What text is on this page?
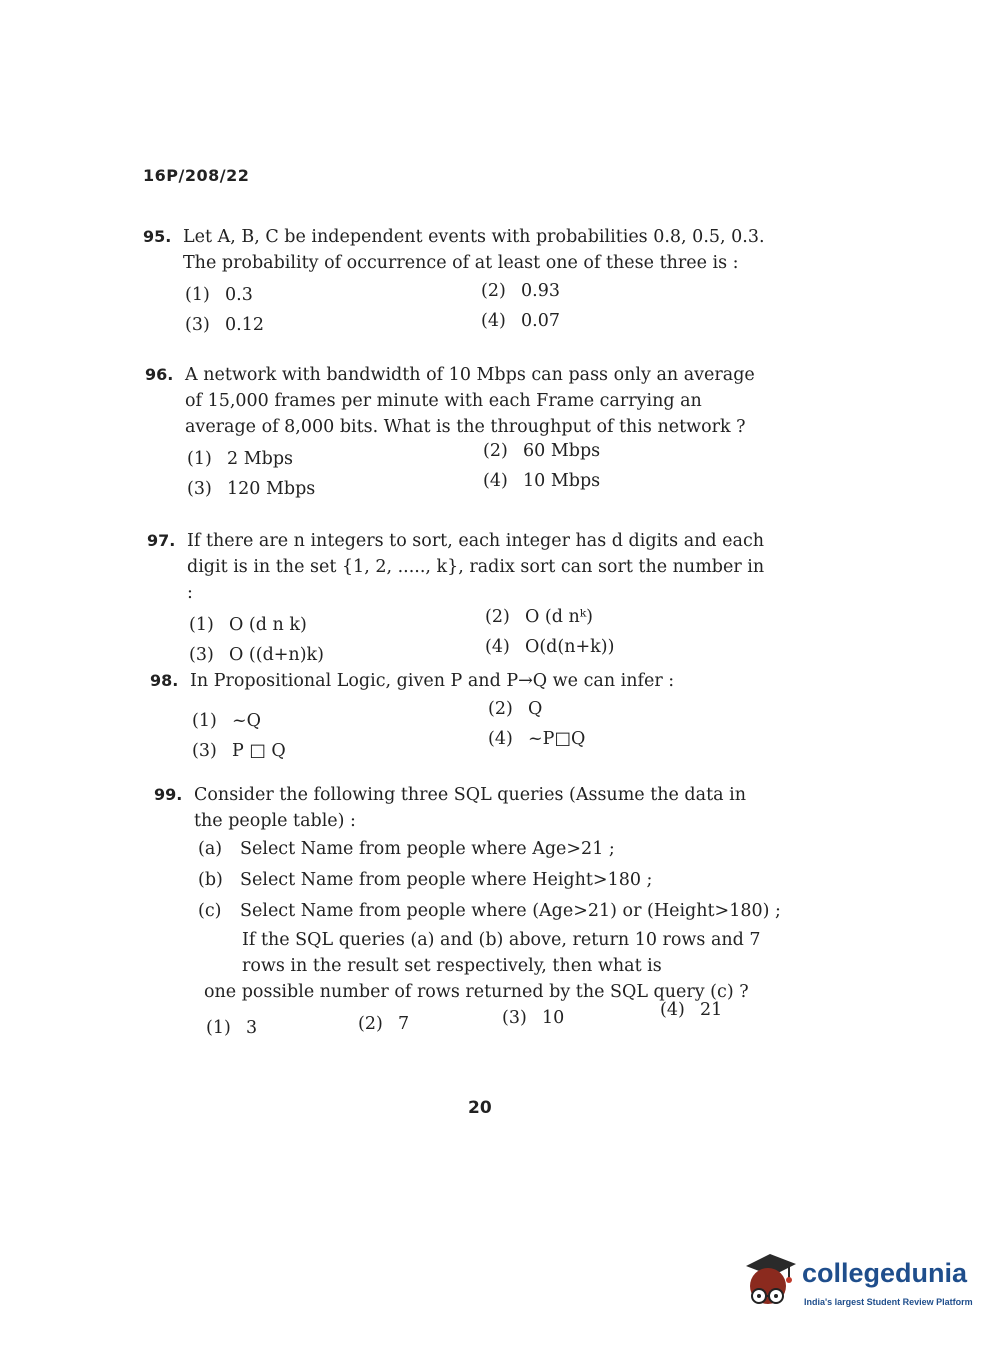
16P/208/22
95. Let A, B, C be independent events with probabilities 0.8, 0.5, 0.3. The probability of occurrence of at least one of these three is :
(1) 0.3	(2) 0.93
(3) 0.12	(4) 0.07
96. A network with bandwidth of 10 Mbps can pass only an average of 15,000 frames per minute with each Frame carrying an average of 8,000 bits. What is the throughput of this network ?
(1) 2 Mbps	(2) 60 Mbps
(3) 120 Mbps	(4) 10 Mbps
97. If there are n integers to sort, each integer has d digits and each digit is in the set {1, 2, ....., k}, radix sort can sort the number in :
(1) O (d n k)	(2) O (d nᵏ)
(3) O ((d+n)k)	(4) O(d(n+k))
98. In Propositional Logic, given P and P→Q we can infer :
(1) ~Q
(2) Q
(3) P □ Q
(4) ~P□Q
99. Consider the following three SQL queries (Assume the data in the people table) :
(a) Select Name from people where Age>21 ;
(b) Select Name from people where Height>180 ;
(c) Select Name from people where (Age>21) or (Height>180) ;
If the SQL queries (a) and (b) above, return 10 rows and 7 rows in the result set respectively, then what is
one possible number of rows returned by the SQL query (c) ?
(1) 3	(2) 7	(3) 10	(4) 21
20
collegedunia
India's largest Student Review Platform
